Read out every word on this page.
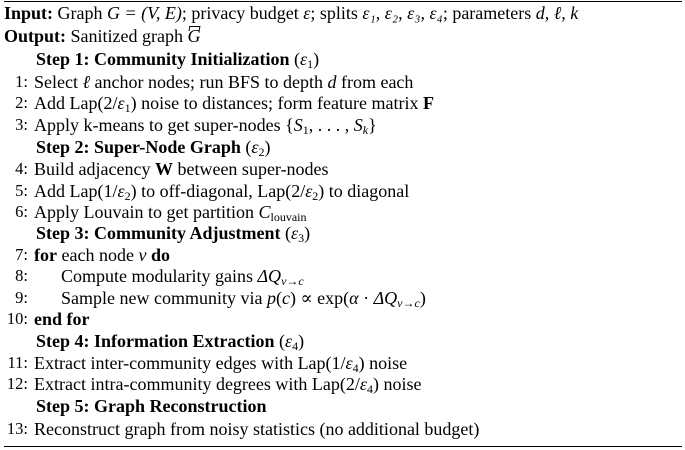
Input: Graph G = (V, E); privacy budget ε; splits ε₁, ε₂, ε₃, ε₄; parameters d, ℓ, k
Output: Sanitized graph G
Step 1: Community Initialization $(\varepsilon_1)$
1: Select ℓ anchor nodes; run BFS to depth d from each
2: Add $Lap(2/\varepsilon_1)$ noise to distances; form feature matrix F
3: Apply k-means to get super-nodes {$S_1$, . . . , $S_k$}
Step 2: Super-Node Graph $(\varepsilon_2)$
4: Build adjacency W between super-nodes
5: Add $Lap(1/\varepsilon_2)$ to off-diagonal, $Lap(2/\varepsilon_2)$ to diagonal
6: Apply Louvain to get partition $C_{louvain}$
Step 3: Community Adjustment $(\varepsilon_3)$
7: for each node v do
8: Compute modularity gains $\Delta Q_{v\to c}$
9: Sample new community via $p(c) \propto \exp(\alpha \cdot \Delta Q_{v\to c})$
10: end for
Step 4: Information Extraction $(\varepsilon_4)$
11: Extract inter-community edges with $Lap(1/\varepsilon_4)$ noise
12: Extract intra-community degrees with $Lap(2/\varepsilon_4)$ noise
Step 5: Graph Reconstruction
13: Reconstruct graph from noisy statistics (no additional budget)
